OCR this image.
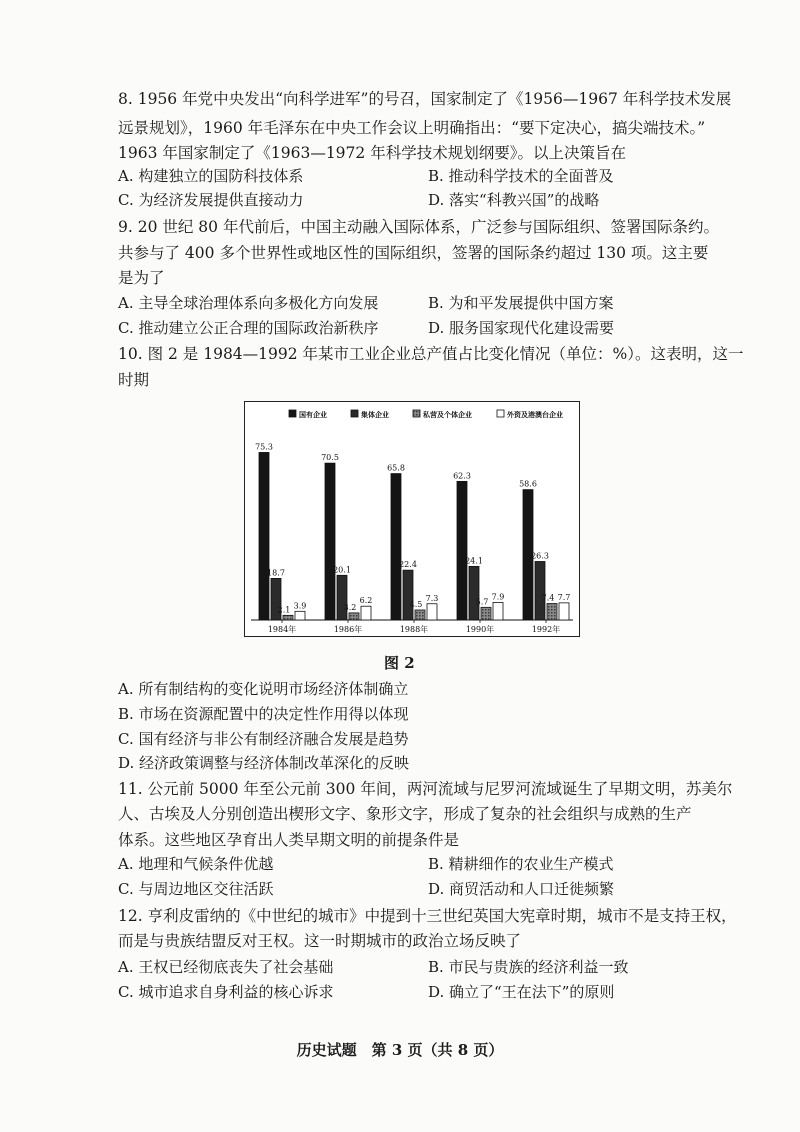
8. 1956 年党中央发出“向科学进军”的号召，国家制定了《1956—1967 年科学技术发展
远景规划》，1960 年毛泽东在中央工作会议上明确指出：“要下定决心，搞尖端技术。”
1963 年国家制定了《1963—1972 年科学技术规划纲要》。以上决策旨在
A. 构建独立的国防科技体系	B. 推动科学技术的全面普及
C. 为经济发展提供直接动力	D. 落实“科教兴国”的战略
9. 20 世纪 80 年代前后，中国主动融入国际体系，广泛参与国际组织、签署国际条约。
共参与了 400 多个世界性或地区性的国际组织，签署的国际条约超过 130 项。这主要
是为了
A. 主导全球治理体系向多极化方向发展	B. 为和平发展提供中国方案
C. 推动建立公正合理的国际政治新秩序	D. 服务国家现代化建设需要
10. 图 2 是 1984—1992 年某市工业企业总产值占比变化情况（单位：%）。这表明，这一
时期
国有企业	集体企业	私营及个体企业	外资及港澳台企业
75.3
18.7
2.1 3.9
1984年
70.5
20.1
3.2
6.2
1986年
65.8
22.4
4.5
7.3
1988年
62.3
24.1
5.7
7.9
1990年
58.6
26.3
7.4 7.7
1992年
图 2
A. 所有制结构的变化说明市场经济体制确立
B. 市场在资源配置中的决定性作用得以体现
C. 国有经济与非公有制经济融合发展是趋势
D. 经济政策调整与经济体制改革深化的反映
11. 公元前 5000 年至公元前 300 年间，两河流域与尼罗河流域诞生了早期文明，苏美尔
人、古埃及人分别创造出楔形文字、象形文字，形成了复杂的社会组织与成熟的生产
体系。这些地区孕育出人类早期文明的前提条件是
A. 地理和气候条件优越	B. 精耕细作的农业生产模式
C. 与周边地区交往活跃	D. 商贸活动和人口迁徙频繁
12. 亨利皮雷纳的《中世纪的城市》中提到十三世纪英国大宪章时期，城市不是支持王权，
而是与贵族结盟反对王权。这一时期城市的政治立场反映了
A. 王权已经彻底丧失了社会基础	B. 市民与贵族的经济利益一致
C. 城市追求自身利益的核心诉求	D. 确立了“王在法下”的原则
历史试题　第 3 页（共 8 页）
